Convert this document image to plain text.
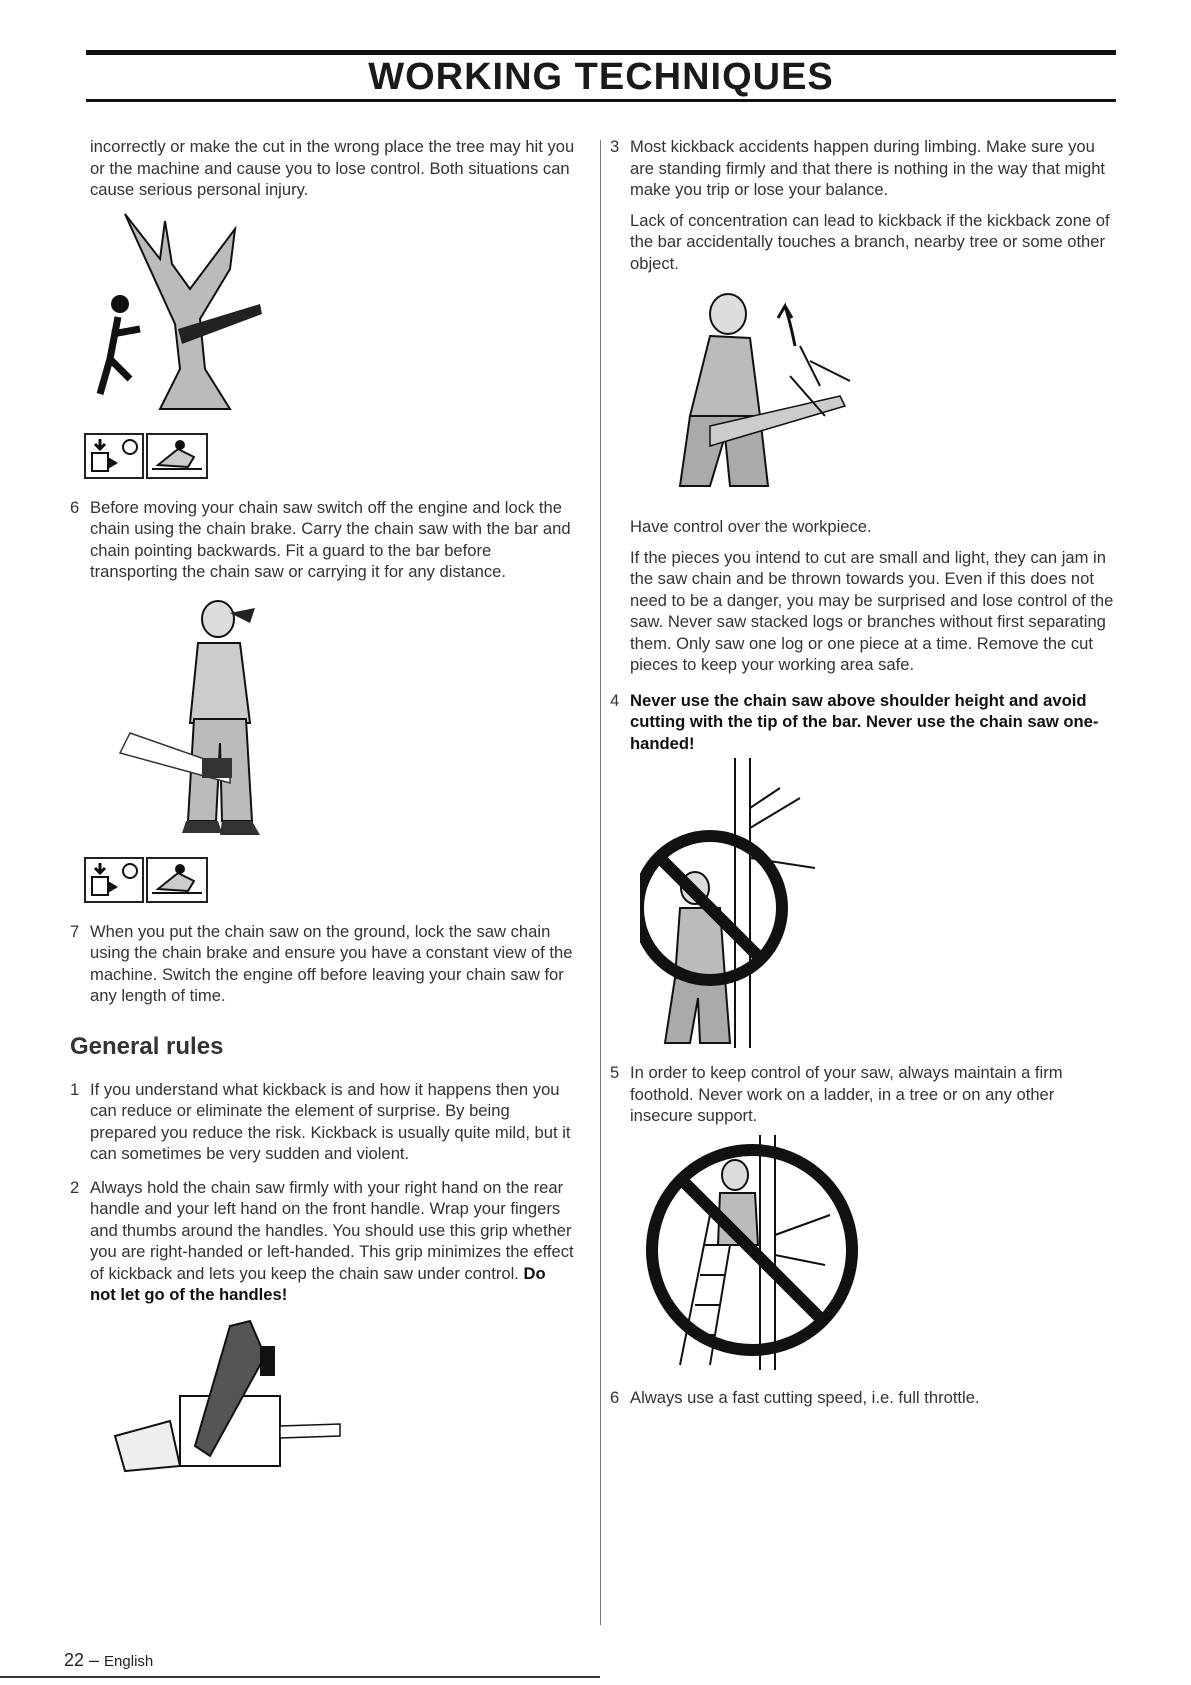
WORKING TECHNIQUES

incorrectly or make the cut in the wrong place the tree may hit you or the machine and cause you to lose control. Both situations can cause serious personal injury.

6 Before moving your chain saw switch off the engine and lock the chain using the chain brake. Carry the chain saw with the bar and chain pointing backwards. Fit a guard to the bar before transporting the chain saw or carrying it for any distance.
7 When you put the chain saw on the ground, lock the saw chain using the chain brake and ensure you have a constant view of the machine. Switch the engine off before leaving your chain saw for any length of time.
General rules
1 If you understand what kickback is and how it happens then you can reduce or eliminate the element of surprise. By being prepared you reduce the risk. Kickback is usually quite mild, but it can sometimes be very sudden and violent.
2 Always hold the chain saw firmly with your right hand on the rear handle and your left hand on the front handle. Wrap your fingers and thumbs around the handles. You should use this grip whether you are right-handed or left-handed. This grip minimizes the effect of kickback and lets you keep the chain saw under control. Do not let go of the handles!
3 Most kickback accidents happen during limbing. Make sure you are standing firmly and that there is nothing in the way that might make you trip or lose your balance.

Lack of concentration can lead to kickback if the kickback zone of the bar accidentally touches a branch, nearby tree or some other object.

Have control over the workpiece.

If the pieces you intend to cut are small and light, they can jam in the saw chain and be thrown towards you. Even if this does not need to be a danger, you may be surprised and lose control of the saw. Never saw stacked logs or branches without first separating them. Only saw one log or one piece at a time. Remove the cut pieces to keep your working area safe.

4 Never use the chain saw above shoulder height and avoid cutting with the tip of the bar. Never use the chain saw one-handed!
5 In order to keep control of your saw, always maintain a firm foothold. Never work on a ladder, in a tree or on any other insecure support.
6 Always use a fast cutting speed, i.e. full throttle.
22 – English
